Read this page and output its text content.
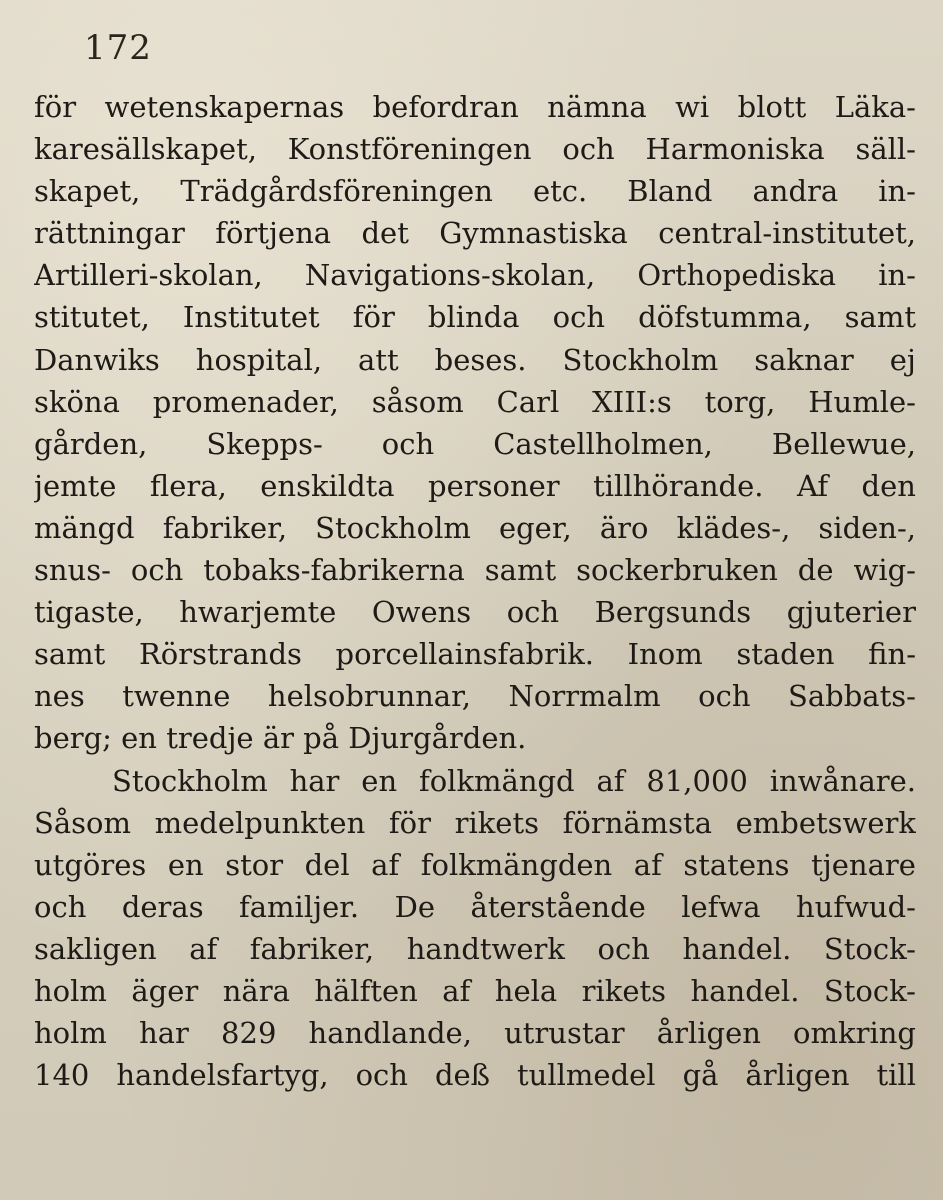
172
för wetenskapernas befordran nämna wi blott Läka-
karesällskapet, Konstföreningen och Harmoniska säll-
skapet, Trädgårdsföreningen etc. Bland andra in-
rättningar förtjena det Gymnastiska central-institutet,
Artilleri-skolan, Navigations-skolan, Orthopediska in-
stitutet, Institutet för blinda och döfstumma, samt
Danwiks hospital, att beses. Stockholm saknar ej
sköna promenader, såsom Carl XIII:s torg, Humle-
gården, Skepps- och Castellholmen, Bellewue,
jemte flera, enskildta personer tillhörande. Af den
mängd fabriker, Stockholm eger, äro klädes-, siden-,
snus- och tobaks-fabrikerna samt sockerbruken de wig-
tigaste, hwarjemte Owens och Bergsunds gjuterier
samt Rörstrands porcellainsfabrik. Inom staden fin-
nes twenne helsobrunnar, Norrmalm och Sabbats-
berg; en tredje är på Djurgården.
Stockholm har en folkmängd af 81,000 inwånare.
Såsom medelpunkten för rikets förnämsta embetswerk
utgöres en stor del af folkmängden af statens tjenare
och deras familjer. De återstående lefwa hufwud-
sakligen af fabriker, handtwerk och handel. Stock-
holm äger nära hälften af hela rikets handel. Stock-
holm har 829 handlande, utrustar årligen omkring
140 handelsfartyg, och deß tullmedel gå årligen till
